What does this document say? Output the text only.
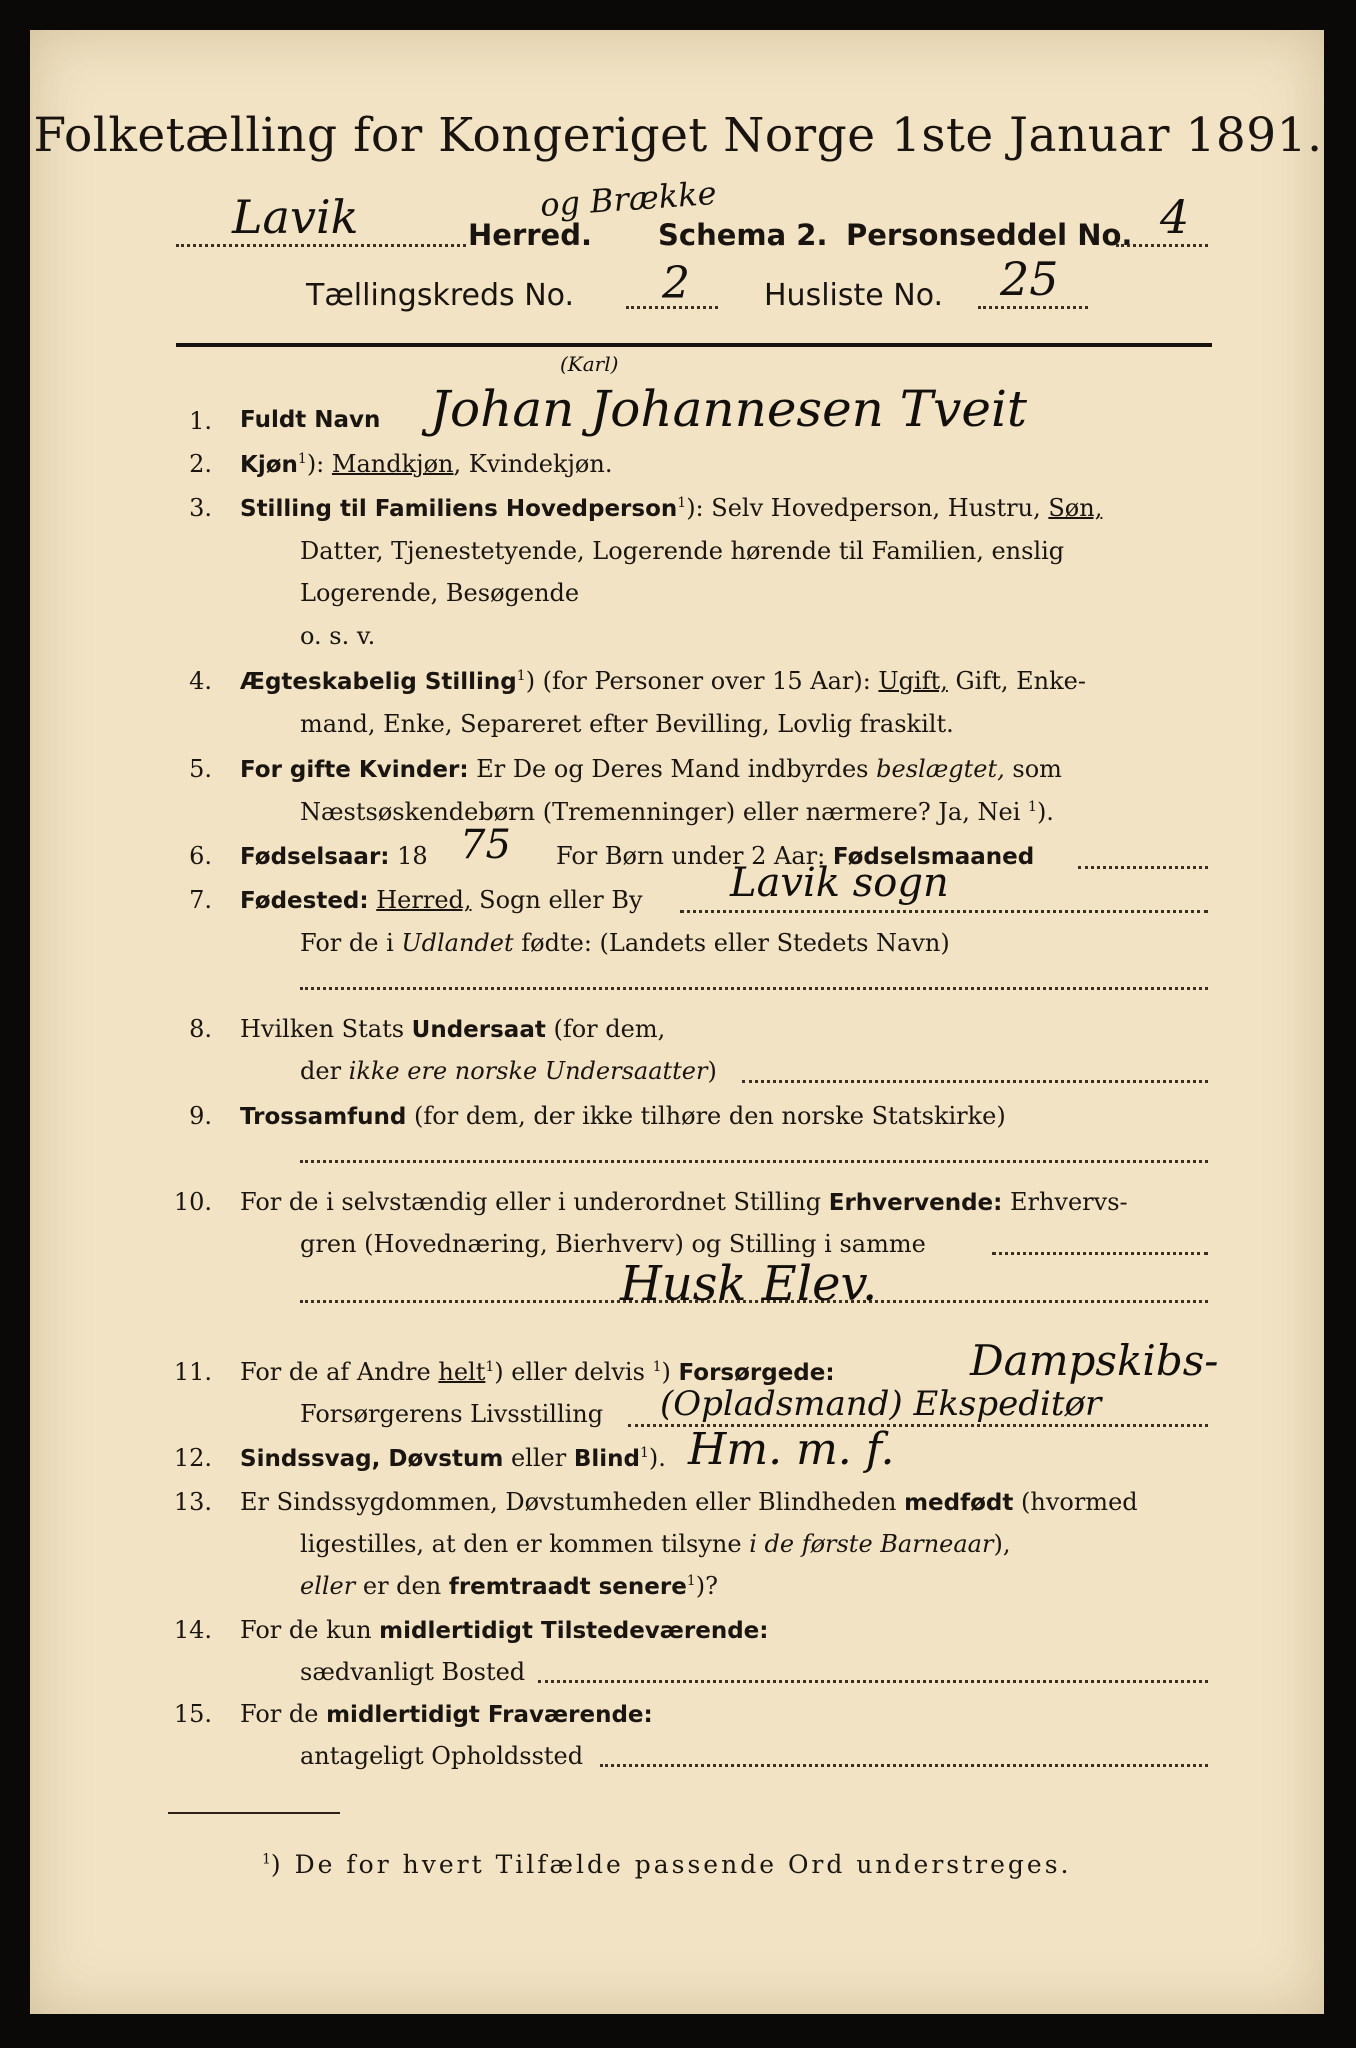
Folketælling for Kongeriget Norge 1ste Januar 1891.
Lavik	og Brække
Herred. Schema 2. Personseddel No. 4
Tællingskreds No. 2 Husliste No. 25
1. Fuldt Navn
(Karl)
Johan Johannesen Tveit
2. Kjøn$^1$): Mandkjøn, Kvindekjøn.
3. Stilling til Familiens Hovedperson$^1$): Selv Hovedperson, Hustru, Søn,
Datter, Tjenestetyende, Logerende hørende til Familien, enslig
Logerende, Besøgende
o. s. v.
4. Ægteskabelig Stilling$^1$) (for Personer over 15 Aar): Ugift, Gift, Enke-
mand, Enke, Separeret efter Bevilling, Lovlig fraskilt.
5. For gifte Kvinder: Er De og Deres Mand indbyrdes beslægtet, som
Næstsøskendebørn (Tremenninger) eller nærmere? Ja, Nei $^1$).
6. Fødselsaar: 18 75 For Børn under 2 Aar: Fødselsmaaned
7. Fødested: Herred, Sogn eller By Lavik sogn
For de i Udlandet fødte: (Landets eller Stedets Navn)
8. Hvilken Stats Undersaat (for dem,
der ikke ere norske Undersaatter)
9. Trossamfund (for dem, der ikke tilhøre den norske Statskirke)
10. For de i selvstændig eller i underordnet Stilling Erhvervende: Erhvervs-
gren (Hovednæring, Bierhverv) og Stilling i samme
Husk Elev.
11. For de af Andre helt$^1$) eller delvis $^1$) Forsørgede:	Dampskibs-
Forsørgerens Livsstilling (Opladsmand) Ekspeditør
12. Sindssvag, Døvstum eller Blind$^1$). Hm. m. f.
13. Er Sindssygdommen, Døvstumheden eller Blindheden medfødt (hvormed
ligestilles, at den er kommen tilsyne i de første Barneaar),
eller er den fremtraadt senere$^1$)?
14. For de kun midlertidigt Tilstedeværende:
sædvanligt Bosted
15. For de midlertidigt Fraværende:
antageligt Opholdssted
$^1$) De for hvert Tilfælde passende Ord understreges.
